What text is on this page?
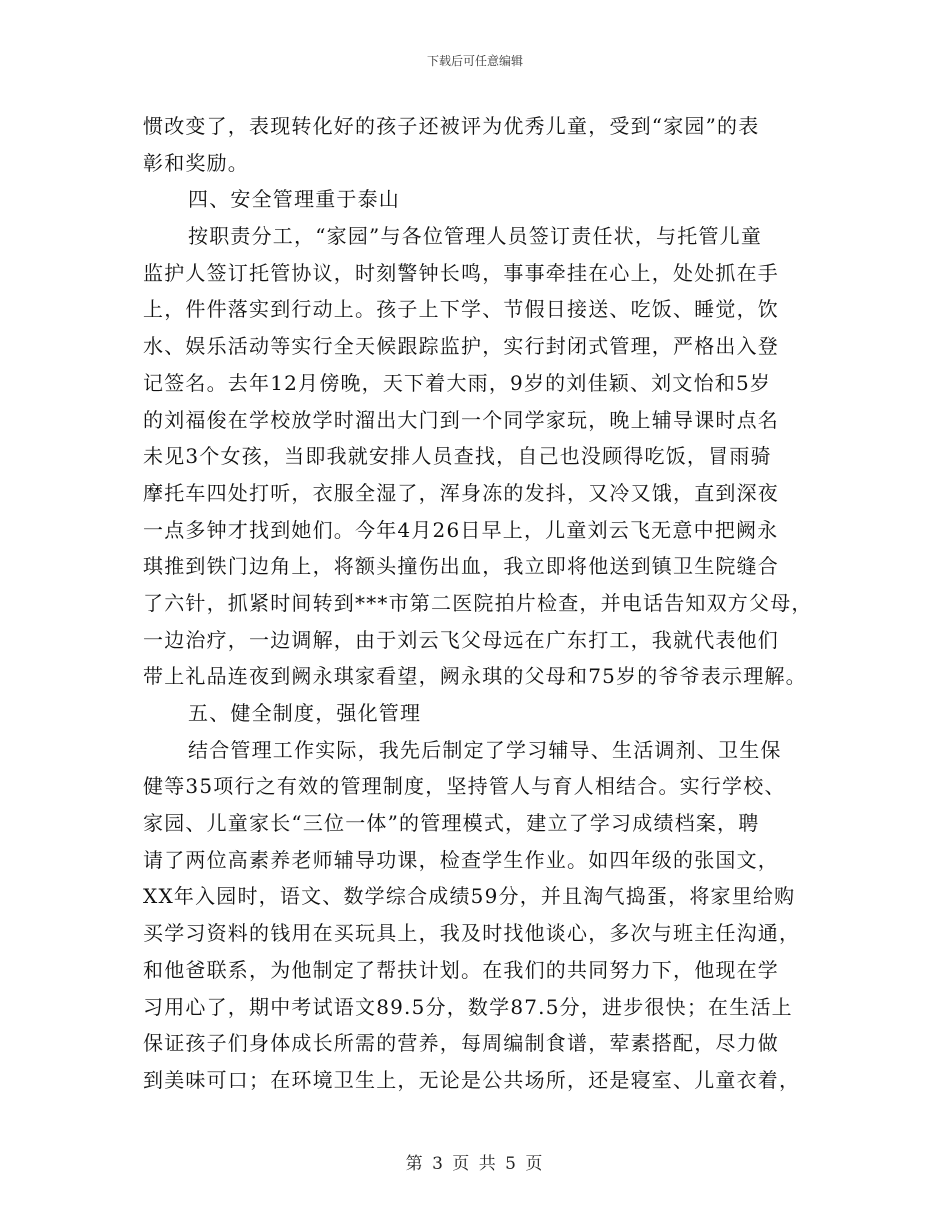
下载后可任意编辑
惯改变了，表现转化好的孩子还被评为优秀儿童，受到“家园”的表
彰和奖励。
四、安全管理重于泰山
按职责分工，“家园”与各位管理人员签订责任状，与托管儿童
监护人签订托管协议，时刻警钟长鸣，事事牵挂在心上，处处抓在手
上，件件落实到行动上。孩子上下学、节假日接送、吃饭、睡觉，饮
水、娱乐活动等实行全天候跟踪监护，实行封闭式管理，严格出入登
记签名。去年12月傍晚，天下着大雨，9岁的刘佳颖、刘文怡和5岁
的刘福俊在学校放学时溜出大门到一个同学家玩，晚上辅导课时点名
未见3个女孩，当即我就安排人员查找，自己也没顾得吃饭，冒雨骑
摩托车四处打听，衣服全湿了，浑身冻的发抖，又冷又饿，直到深夜
一点多钟才找到她们。今年4月26日早上，儿童刘云飞无意中把阙永
琪推到铁门边角上，将额头撞伤出血，我立即将他送到镇卫生院缝合
了六针，抓紧时间转到***市第二医院拍片检查，并电话告知双方父母，
一边治疗，一边调解，由于刘云飞父母远在广东打工，我就代表他们
带上礼品连夜到阙永琪家看望，阙永琪的父母和75岁的爷爷表示理解。
五、健全制度，强化管理
结合管理工作实际，我先后制定了学习辅导、生活调剂、卫生保
健等35项行之有效的管理制度，坚持管人与育人相结合。实行学校、
家园、儿童家长“三位一体”的管理模式，建立了学习成绩档案，聘
请了两位高素养老师辅导功课，检查学生作业。如四年级的张国文，
XX年入园时，语文、数学综合成绩59分，并且淘气捣蛋，将家里给购
买学习资料的钱用在买玩具上，我及时找他谈心，多次与班主任沟通，
和他爸联系，为他制定了帮扶计划。在我们的共同努力下，他现在学
习用心了，期中考试语文89.5分，数学87.5分，进步很快；在生活上
保证孩子们身体成长所需的营养，每周编制食谱，荤素搭配，尽力做
到美味可口；在环境卫生上，无论是公共场所，还是寝室、儿童衣着，
第 3 页 共 5 页
